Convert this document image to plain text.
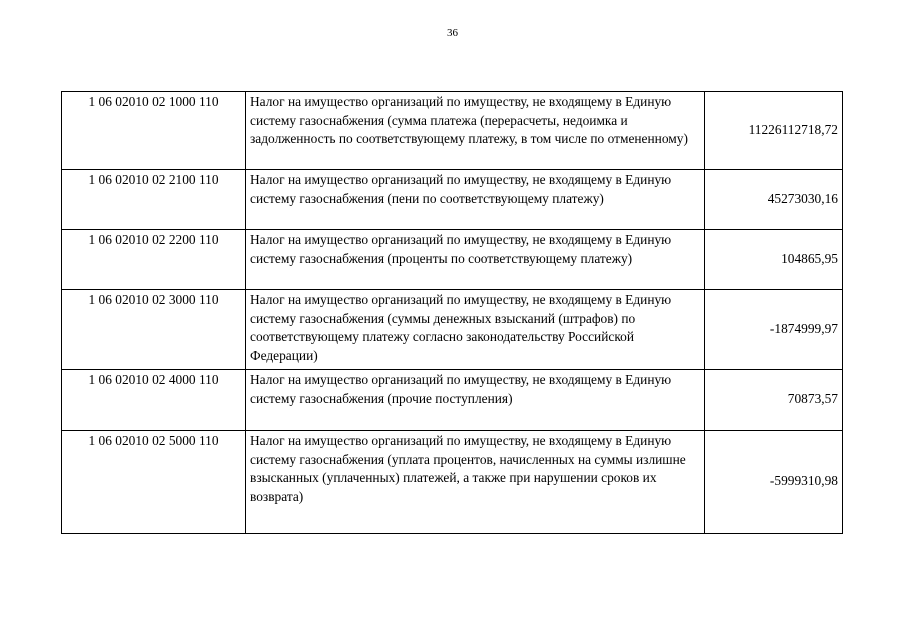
36
1 06 02010 02 1000 110	Налог на имущество организаций по имуществу, не входящему в Единую систему газоснабжения (сумма платежа (перерасчеты, недоимка и задолженность по соответствующему платежу, в том числе по отмененному)	11226112718,72
1 06 02010 02 2100 110	Налог на имущество организаций по имуществу, не входящему в Единую систему газоснабжения (пени по соответствующему платежу)	45273030,16
1 06 02010 02 2200 110	Налог на имущество организаций по имуществу, не входящему в Единую систему газоснабжения (проценты по соответствующему платежу)	104865,95
1 06 02010 02 3000 110	Налог на имущество организаций по имуществу, не входящему в Единую систему газоснабжения (суммы денежных взысканий (штрафов) по соответствующему платежу согласно законодательству Российской Федерации)	-1874999,97
1 06 02010 02 4000 110	Налог на имущество организаций по имуществу, не входящему в Единую систему газоснабжения (прочие поступления)	70873,57
1 06 02010 02 5000 110	Налог на имущество организаций по имуществу, не входящему в Единую систему газоснабжения (уплата процентов, начисленных на суммы излишне взысканных (уплаченных) платежей, а также при нарушении сроков их возврата)	-5999310,98
